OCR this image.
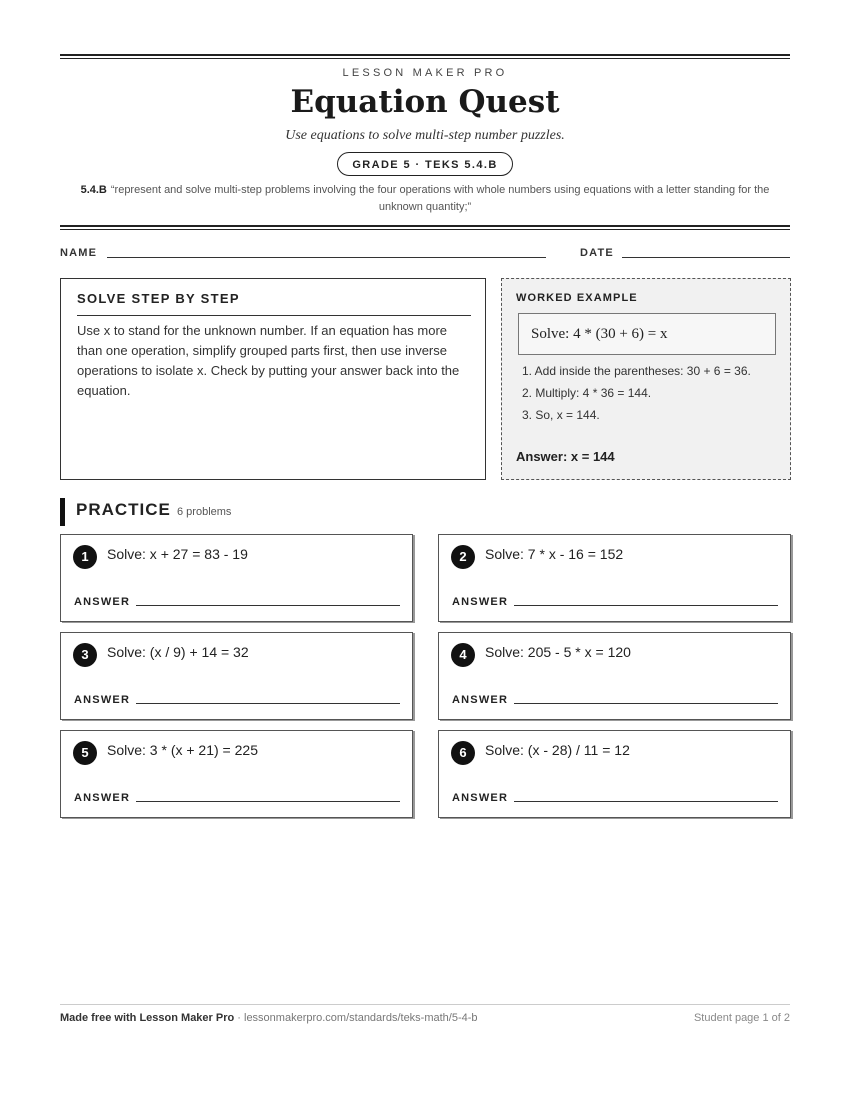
LESSON MAKER PRO
Equation Quest
Use equations to solve multi-step number puzzles.
GRADE 5 · TEKS 5.4.B
5.4.B “represent and solve multi-step problems involving the four operations with whole numbers using equations with a letter standing for the unknown quantity;”
NAME	DATE
SOLVE STEP BY STEP

Use x to stand for the unknown number. If an equation has more than one operation, simplify grouped parts first, then use inverse operations to isolate x. Check by putting your answer back into the equation.

WORKED EXAMPLE
Solve: 4 * (30 + 6) = x
1. Add inside the parentheses: 30 + 6 = 36.
2. Multiply: 4 * 36 = 144.
3. So, x = 144.
Answer: x = 144
PRACTICE 6 problems
1	Solve: x + 27 = 83 - 19
ANSWER
2	Solve: 7 * x - 16 = 152
ANSWER
3	Solve: (x / 9) + 14 = 32
ANSWER
4	Solve: 205 - 5 * x = 120
ANSWER
5	Solve: 3 * (x + 21) = 225
ANSWER
6	Solve: (x - 28) / 11 = 12
ANSWER
Made free with Lesson Maker Pro · lessonmakerpro.com/standards/teks-math/5-4-b	Student page 1 of 2
